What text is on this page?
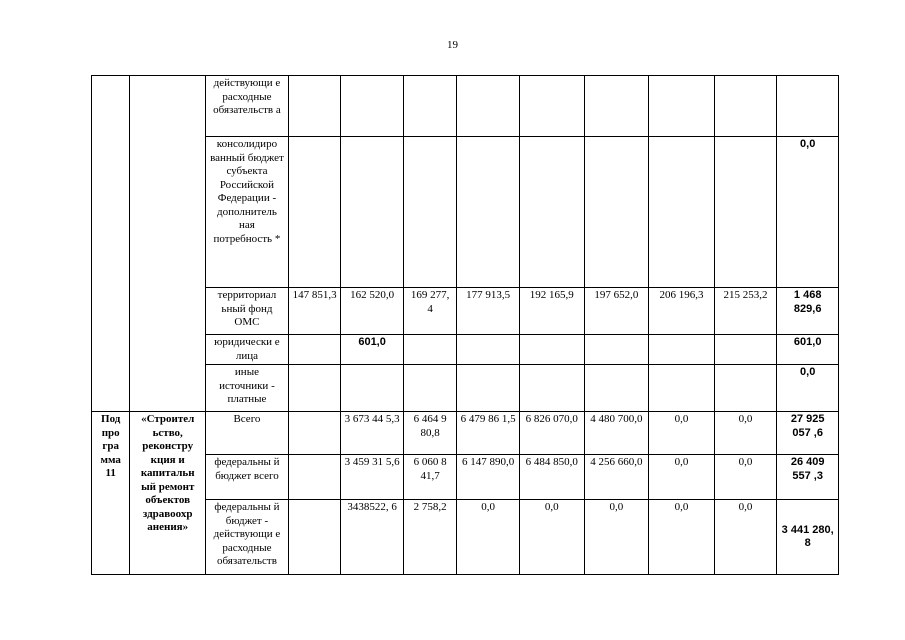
19
		действующи е расходные обязательств а									
		консолидиро ванный бюджет субъекта Российской Федерации - дополнитель ная потребность *									0,0
		территориал ьный фонд ОМС	147 851,3	162 520,0	169 277, 4	177 913,5	192 165,9	197 652,0	206 196,3	215 253,2	1 468 829,6
		юридически е лица		601,0							601,0
		иные источники - платные									0,0
Под про гра мма 11	«Строител ьство, реконстру кция и капитальн ый ремонт объектов здравоохр анения»	Всего		3 673 44 5,3	6 464 9 80,8	6 479 86 1,5	6 826 070,0	4 480 700,0	0,0	0,0	27 925 057 ,6
		федеральны й бюджет всего		3 459 31 5,6	6 060 8 41,7	6 147 890,0	6 484 850,0	4 256 660,0	0,0	0,0	26 409 557 ,3
		федеральны й бюджет - действующи е расходные обязательств		3438522, 6	2 758,2	0,0	0,0	0,0	0,0	0,0	3 441 280, 8
